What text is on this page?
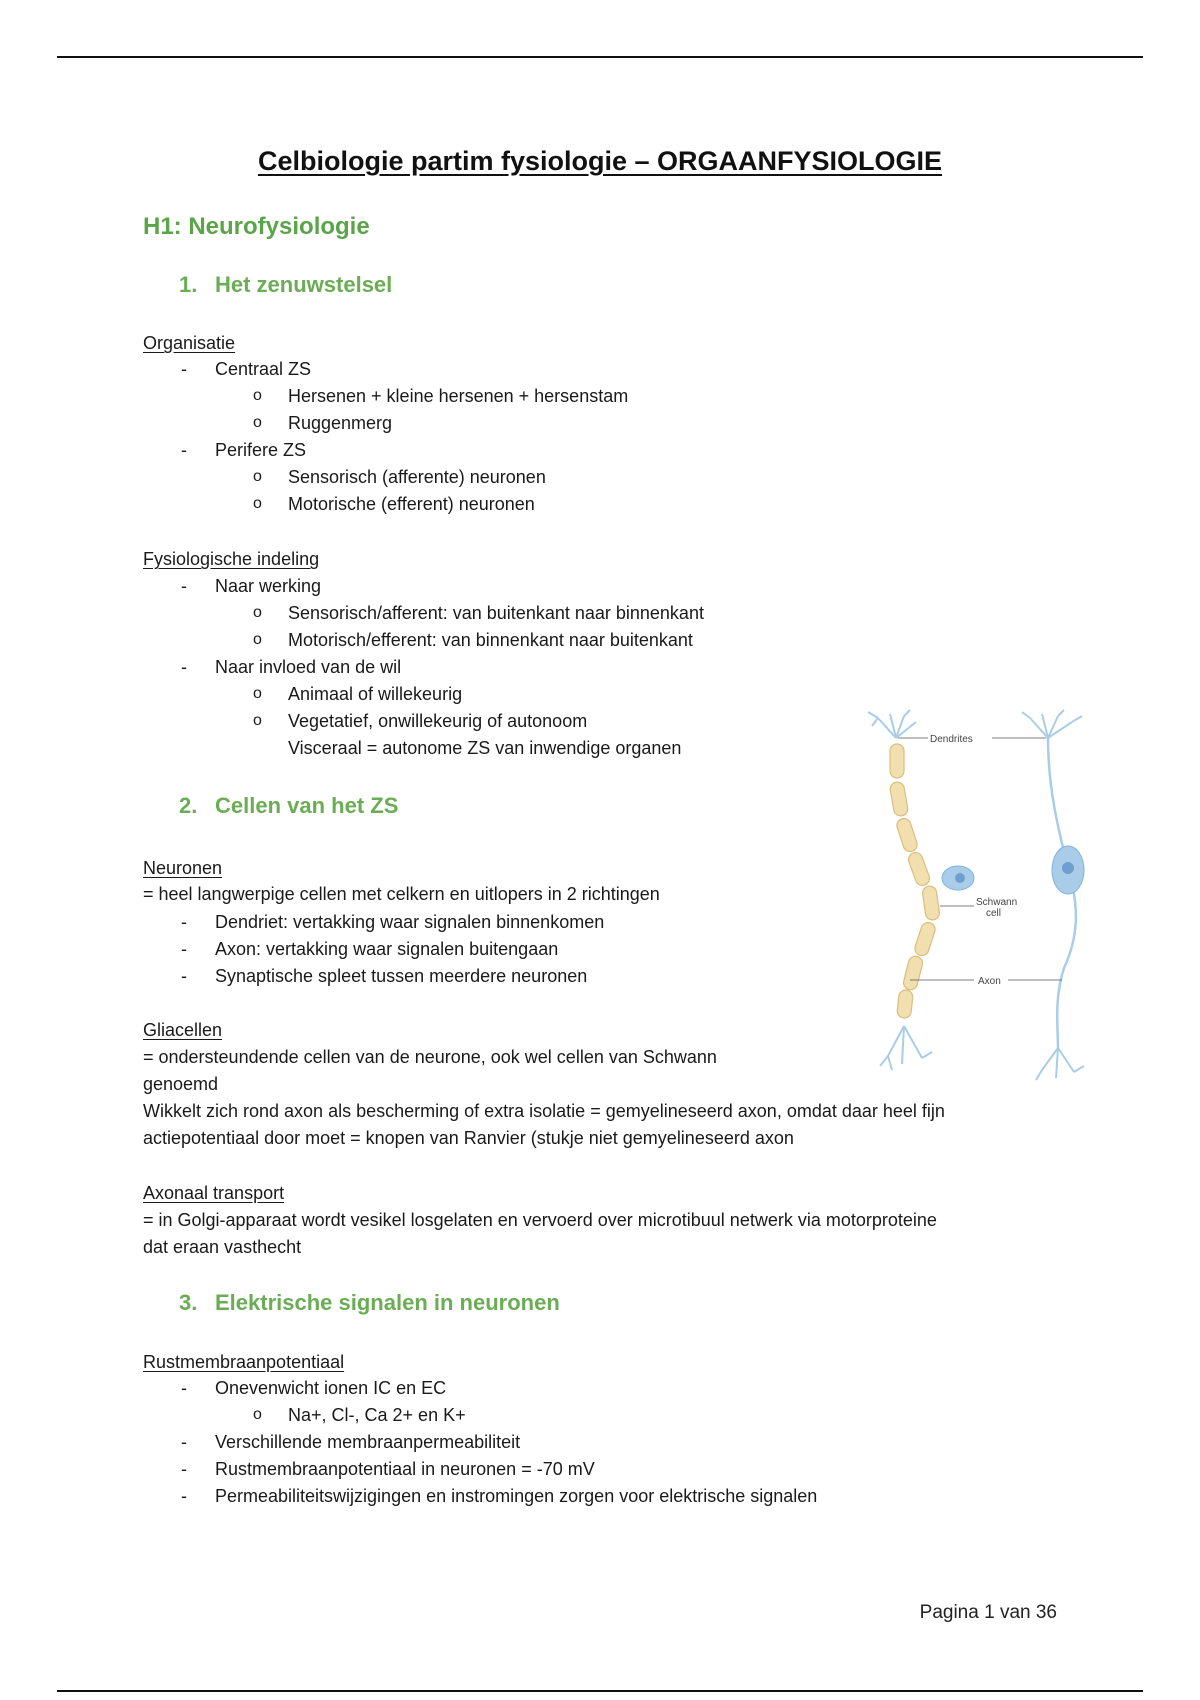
Celbiologie partim fysiologie – ORGAANFYSIOLOGIE
H1: Neurofysiologie
1. Het zenuwstelsel
Organisatie
- Centraal ZS
o Hersenen + kleine hersenen + hersenstam
o Ruggenmerg
- Perifere ZS
o Sensorisch (afferente) neuronen
o Motorische (efferent) neuronen
Fysiologische indeling
- Naar werking
o Sensorisch/afferent: van buitenkant naar binnenkant
o Motorisch/efferent: van binnenkant naar buitenkant
- Naar invloed van de wil
o Animaal of willekeurig
o Vegetatief, onwillekeurig of autonoom
Visceraal = autonome ZS van inwendige organen
2. Cellen van het ZS
Neuronen
= heel langwerpige cellen met celkern en uitlopers in 2 richtingen
- Dendriet: vertakking waar signalen binnenkomen
- Axon: vertakking waar signalen buitengaan
- Synaptische spleet tussen meerdere neuronen
Gliacellen
= ondersteundende cellen van de neurone, ook wel cellen van Schwann
genoemd
Wikkelt zich rond axon als bescherming of extra isolatie = gemyelineseerd axon, omdat daar heel fijn
actiepotentiaal door moet = knopen van Ranvier (stukje niet gemyelineseerd axon
Axonaal transport
= in Golgi-apparaat wordt vesikel losgelaten en vervoerd over microtibuul netwerk via motorproteine
dat eraan vasthecht
3. Elektrische signalen in neuronen
Rustmembraanpotentiaal
- Onevenwicht ionen IC en EC
o Na+, Cl-, Ca 2+ en K+
- Verschillende membraanpermeabiliteit
- Rustmembraanpotentiaal in neuronen = -70 mV
- Permeabiliteitswijzigingen en instromingen zorgen voor elektrische signalen
Dendrites
Schwann
cell
Axon
Pagina 1 van 36
